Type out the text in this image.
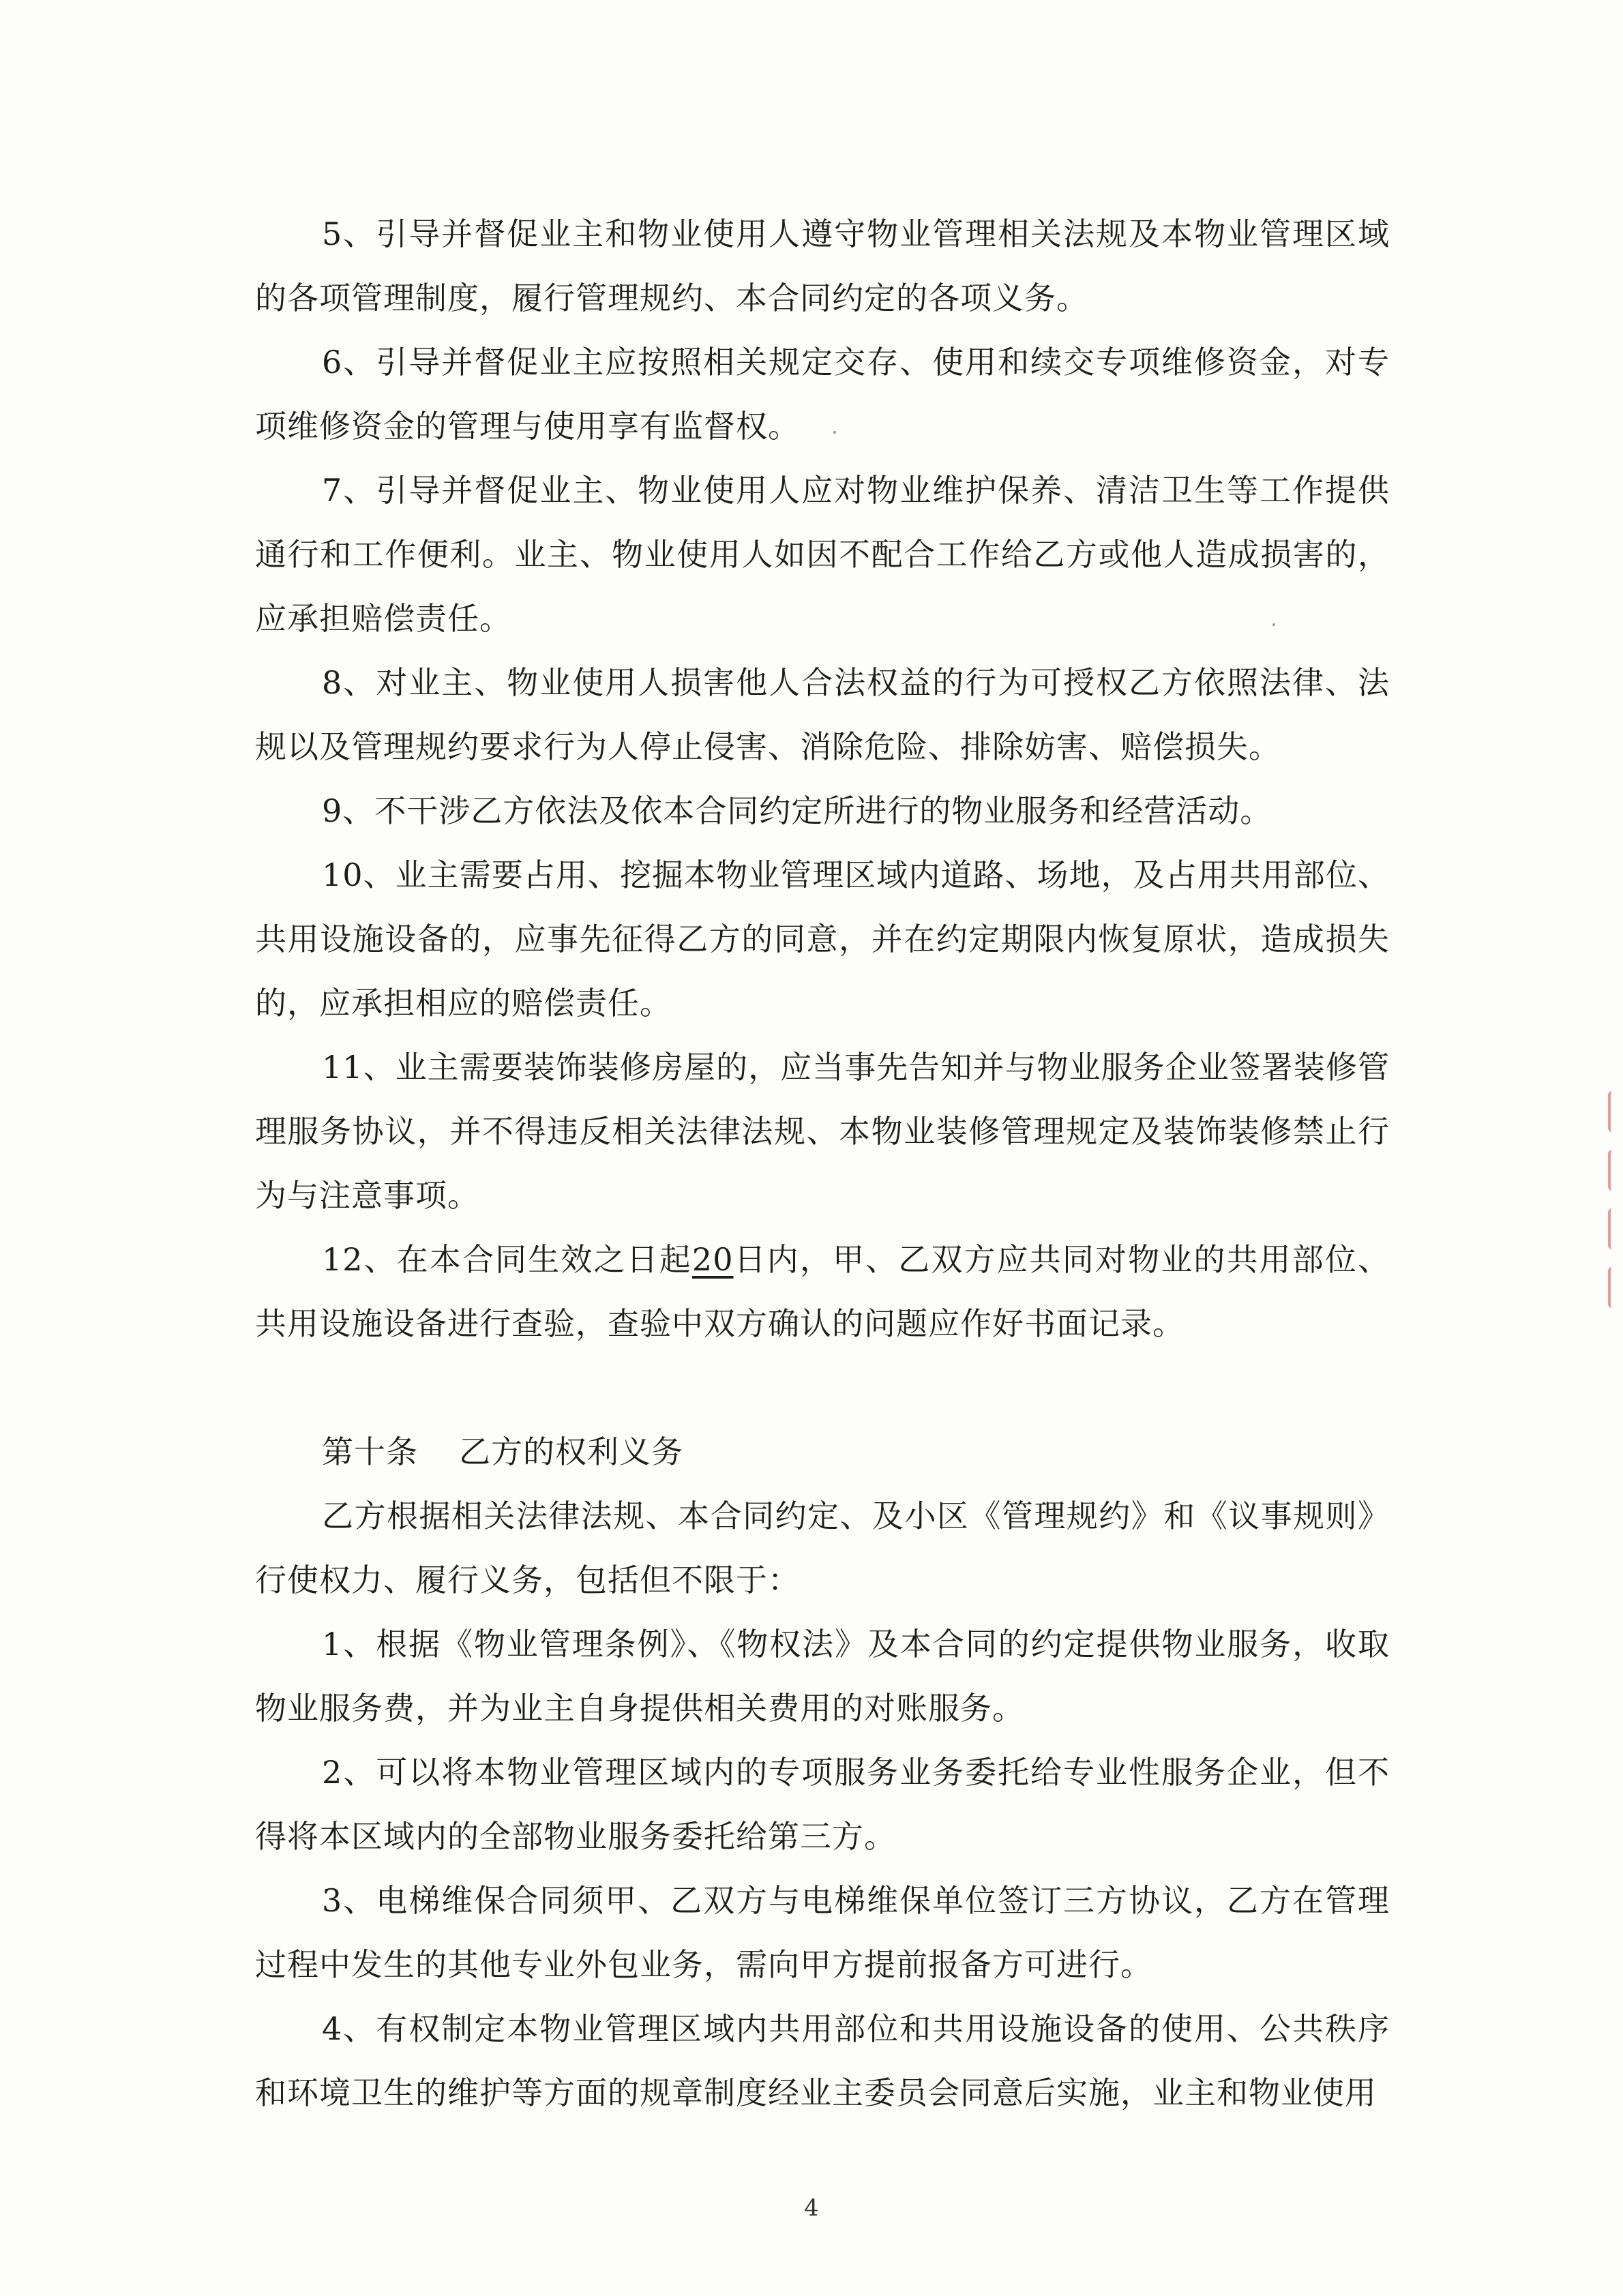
5、引导并督促业主和物业使用人遵守物业管理相关法规及本物业管理区域的各项管理制度，履行管理规约、本合同约定的各项义务。

6、引导并督促业主应按照相关规定交存、使用和续交专项维修资金，对专项维修资金的管理与使用享有监督权。

7、引导并督促业主、物业使用人应对物业维护保养、清洁卫生等工作提供通行和工作便利。业主、物业使用人如因不配合工作给乙方或他人造成损害的，应承担赔偿责任。

8、对业主、物业使用人损害他人合法权益的行为可授权乙方依照法律、法规以及管理规约要求行为人停止侵害、消除危险、排除妨害、赔偿损失。

9、不干涉乙方依法及依本合同约定所进行的物业服务和经营活动。

10、业主需要占用、挖掘本物业管理区域内道路、场地，及占用共用部位、共用设施设备的，应事先征得乙方的同意，并在约定期限内恢复原状，造成损失的，应承担相应的赔偿责任。

11、业主需要装饰装修房屋的，应当事先告知并与物业服务企业签署装修管理服务协议，并不得违反相关法律法规、本物业装修管理规定及装饰装修禁止行为与注意事项。

12、在本合同生效之日起20日内，甲、乙双方应共同对物业的共用部位、共用设施设备进行查验，查验中双方确认的问题应作好书面记录。

第十条 乙方的权利义务

乙方根据相关法律法规、本合同约定、及小区《管理规约》和《议事规则》行使权力、履行义务，包括但不限于：

1、根据《物业管理条例》、《物权法》及本合同的约定提供物业服务，收取物业服务费，并为业主自身提供相关费用的对账服务。

2、可以将本物业管理区域内的专项服务业务委托给专业性服务企业，但不得将本区域内的全部物业服务委托给第三方。

3、电梯维保合同须甲、乙双方与电梯维保单位签订三方协议，乙方在管理过程中发生的其他专业外包业务，需向甲方提前报备方可进行。

4、有权制定本物业管理区域内共用部位和共用设施设备的使用、公共秩序和环境卫生的维护等方面的规章制度经业主委员会同意后实施，业主和物业使用

4
